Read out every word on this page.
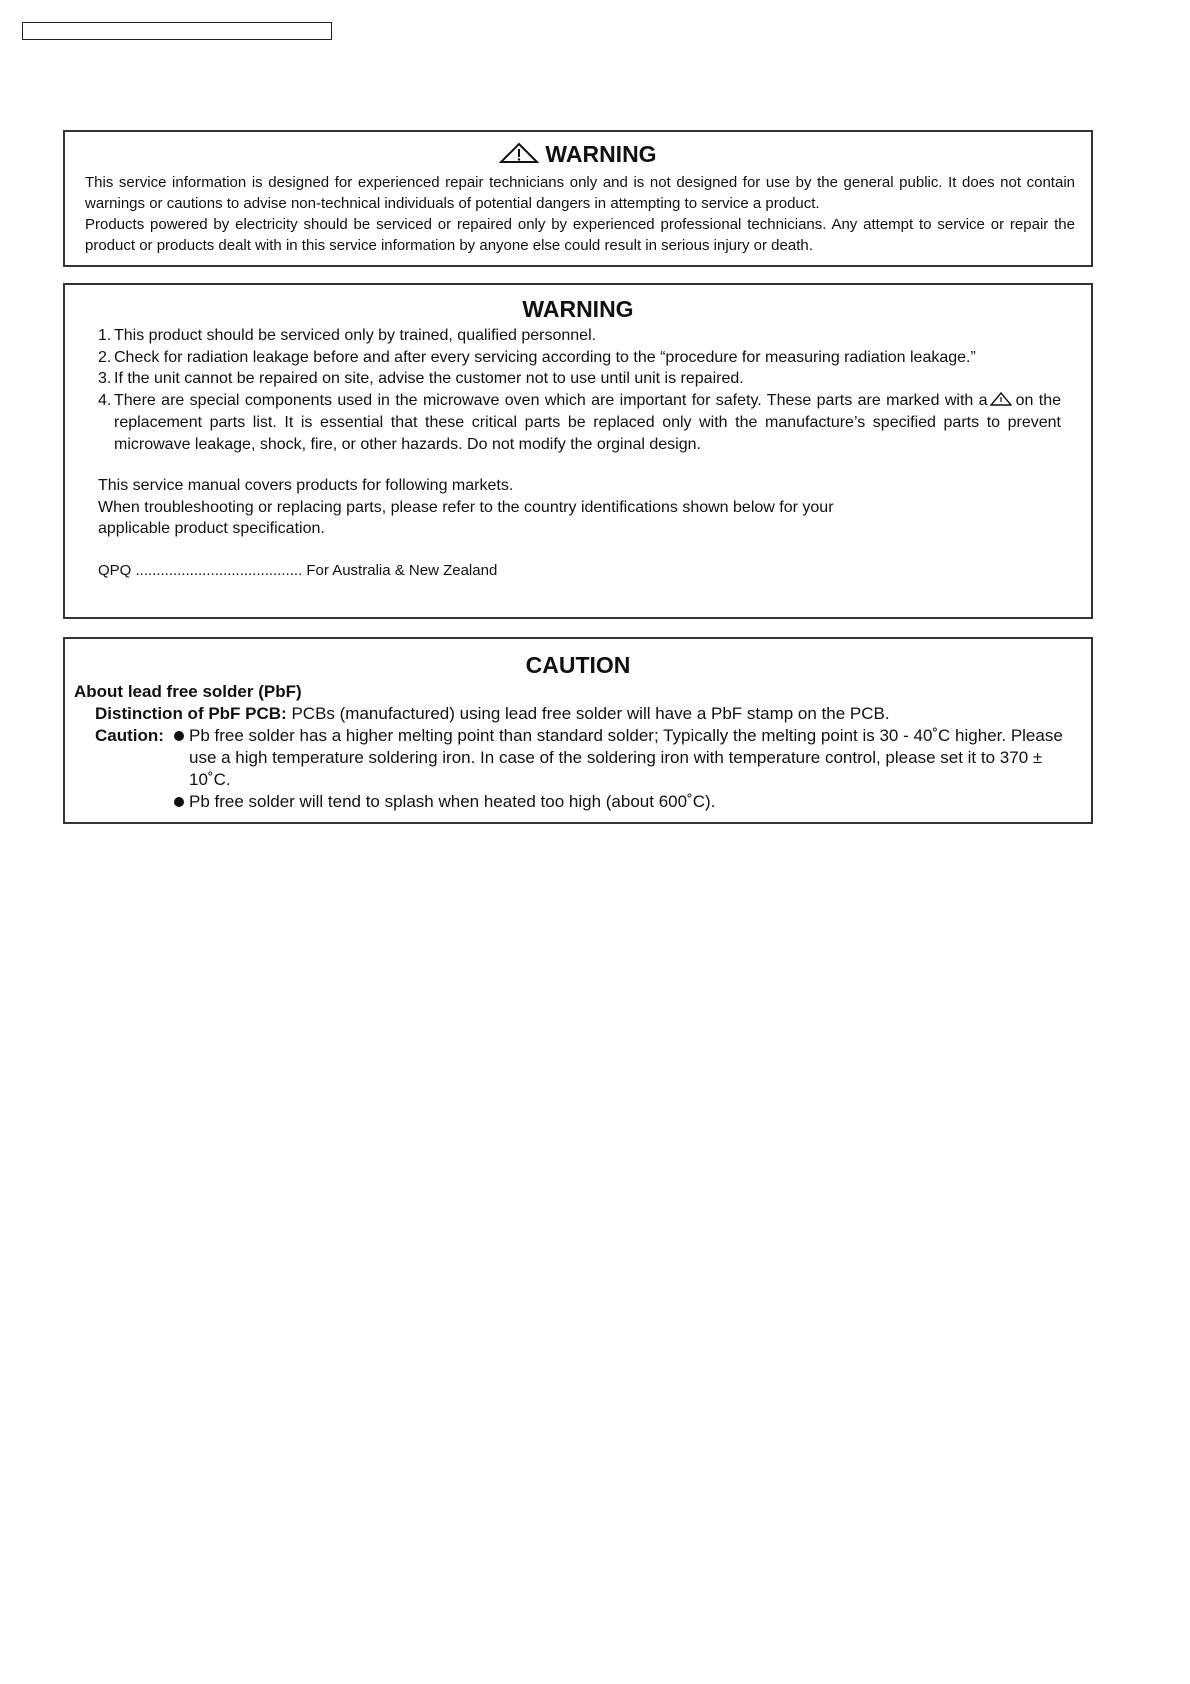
WARNING

This service information is designed for experienced repair technicians only and is not designed for use by the general public. It does not contain warnings or cautions to advise non-technical individuals of potential dangers in attempting to service a product.

Products powered by electricity should be serviced or repaired only by experienced professional technicians. Any attempt to service or repair the product or products dealt with in this service information by anyone else could result in serious injury or death.

WARNING
1. This product should be serviced only by trained, qualified personnel.
2. Check for radiation leakage before and after every servicing according to the “procedure for measuring radiation leakage.”
3. If the unit cannot be repaired on site, advise the customer not to use until unit is repaired.
4. There are special components used in the microwave oven which are important for safety. These parts are marked with a on the replacement parts list. It is essential that these critical parts be replaced only with the manufacture’s specified parts to prevent microwave leakage, shock, fire, or other hazards. Do not modify the orginal design.

This service manual covers products for following markets.

When troubleshooting or replacing parts, please refer to the country identifications shown below for your applicable product specification.

QPQ ........................................ For Australia & New Zealand
CAUTION
About lead free solder (PbF)
Distinction of PbF PCB: PCBs (manufactured) using lead free solder will have a PbF stamp on the PCB.
Caution:	Pb free solder has a higher melting point than standard solder; Typically the melting point is 30 - 40˚C higher. Please use a high temperature soldering iron. In case of the soldering iron with temperature control, please set it to 370 ± 10˚C.
Pb free solder will tend to splash when heated too high (about 600˚C).
